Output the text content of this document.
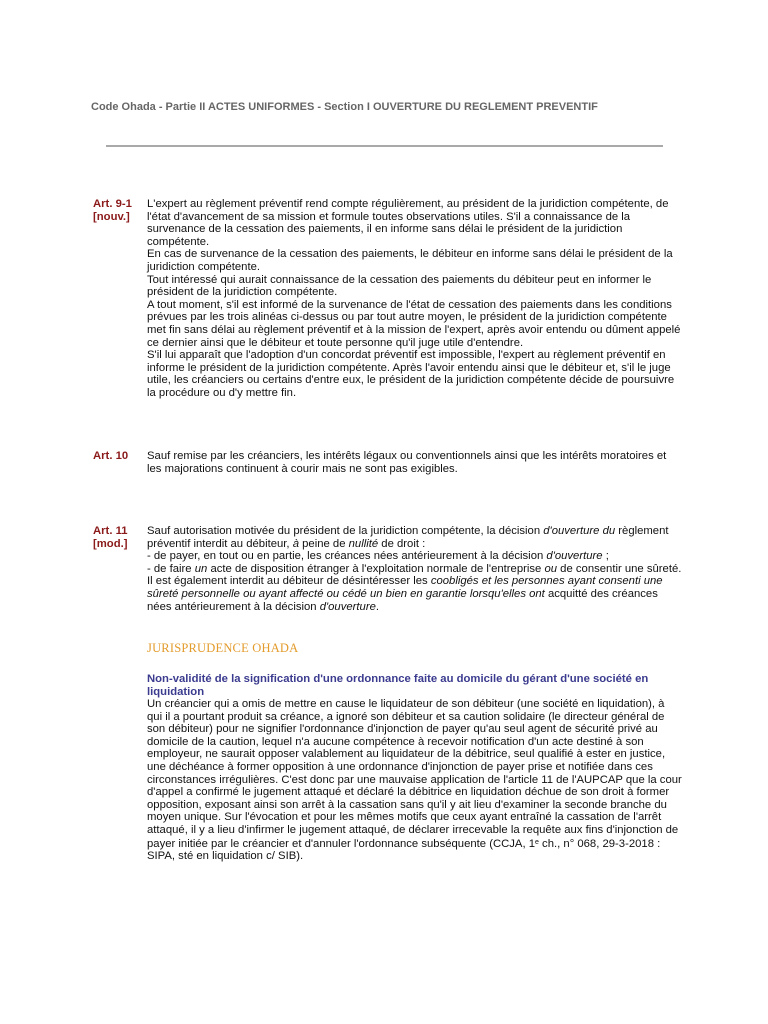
Code Ohada - Partie II ACTES UNIFORMES - Section I OUVERTURE DU REGLEMENT PREVENTIF
Art. 9-1
[nouv.]

L'expert au règlement préventif rend compte régulièrement, au président de la juridiction compétente, de l'état d'avancement de sa mission et formule toutes observations utiles. S'il a connaissance de la survenance de la cessation des paiements, il en informe sans délai le président de la juridiction compétente.

En cas de survenance de la cessation des paiements, le débiteur en informe sans délai le président de la juridiction compétente.

Tout intéressé qui aurait connaissance de la cessation des paiements du débiteur peut en informer le président de la juridiction compétente.

A tout moment, s'il est informé de la survenance de l'état de cessation des paiements dans les conditions prévues par les trois alinéas ci-dessus ou par tout autre moyen, le président de la juridiction compétente met fin sans délai au règlement préventif et à la mission de l'expert, après avoir entendu ou dûment appelé ce dernier ainsi que le débiteur et toute personne qu'il juge utile d'entendre.

S'il lui apparaît que l'adoption d'un concordat préventif est impossible, l'expert au règlement préventif en informe le président de la juridiction compétente. Après l'avoir entendu ainsi que le débiteur et, s'il le juge utile, les créanciers ou certains d'entre eux, le président de la juridiction compétente décide de poursuivre la procédure ou d'y mettre fin.

Art. 10	Sauf remise par les créanciers, les intérêts légaux ou conventionnels ainsi que les intérêts moratoires et les majorations continuent à courir mais ne sont pas exigibles.

Art. 11
[mod.]

Sauf autorisation motivée du président de la juridiction compétente, la décision d'ouverture du règlement préventif interdit au débiteur, à peine de nullité de droit :

- de payer, en tout ou en partie, les créances nées antérieurement à la décision d'ouverture ;

- de faire un acte de disposition étranger à l'exploitation normale de l'entreprise ou de consentir une sûreté.

Il est également interdit au débiteur de désintéresser les coobligés et les personnes ayant consenti une sûreté personnelle ou ayant affecté ou cédé un bien en garantie lorsqu'elles ont acquitté des créances nées antérieurement à la décision d'ouverture.

JURISPRUDENCE OHADA
Non-validité de la signification d'une ordonnance faite au domicile du gérant d'une société en liquidation
Un créancier qui a omis de mettre en cause le liquidateur de son débiteur (une société en liquidation), à qui il a pourtant produit sa créance, a ignoré son débiteur et sa caution solidaire (le directeur général de son débiteur) pour ne signifier l'ordonnance d'injonction de payer qu'au seul agent de sécurité privé au domicile de la caution, lequel n'a aucune compétence à recevoir notification d'un acte destiné à son employeur, ne saurait opposer valablement au liquidateur de la débitrice, seul qualifié à ester en justice, une déchéance à former opposition à une ordonnance d'injonction de payer prise et notifiée dans ces circonstances irrégulières. C'est donc par une mauvaise application de l'article 11 de l'AUPCAP que la cour d'appel a confirmé le jugement attaqué et déclaré la débitrice en liquidation déchue de son droit à former opposition, exposant ainsi son arrêt à la cassation sans qu'il y ait lieu d'examiner la seconde branche du moyen unique. Sur l'évocation et pour les mêmes motifs que ceux ayant entraîné la cassation de l'arrêt attaqué, il y a lieu d'infirmer le jugement attaqué, de déclarer irrecevable la requête aux fins d'injonction de payer initiée par le créancier et d'annuler l'ordonnance subséquente (CCJA, 1e ch., n° 068, 29-3-2018 : SIPA, sté en liquidation c/ SIB).
